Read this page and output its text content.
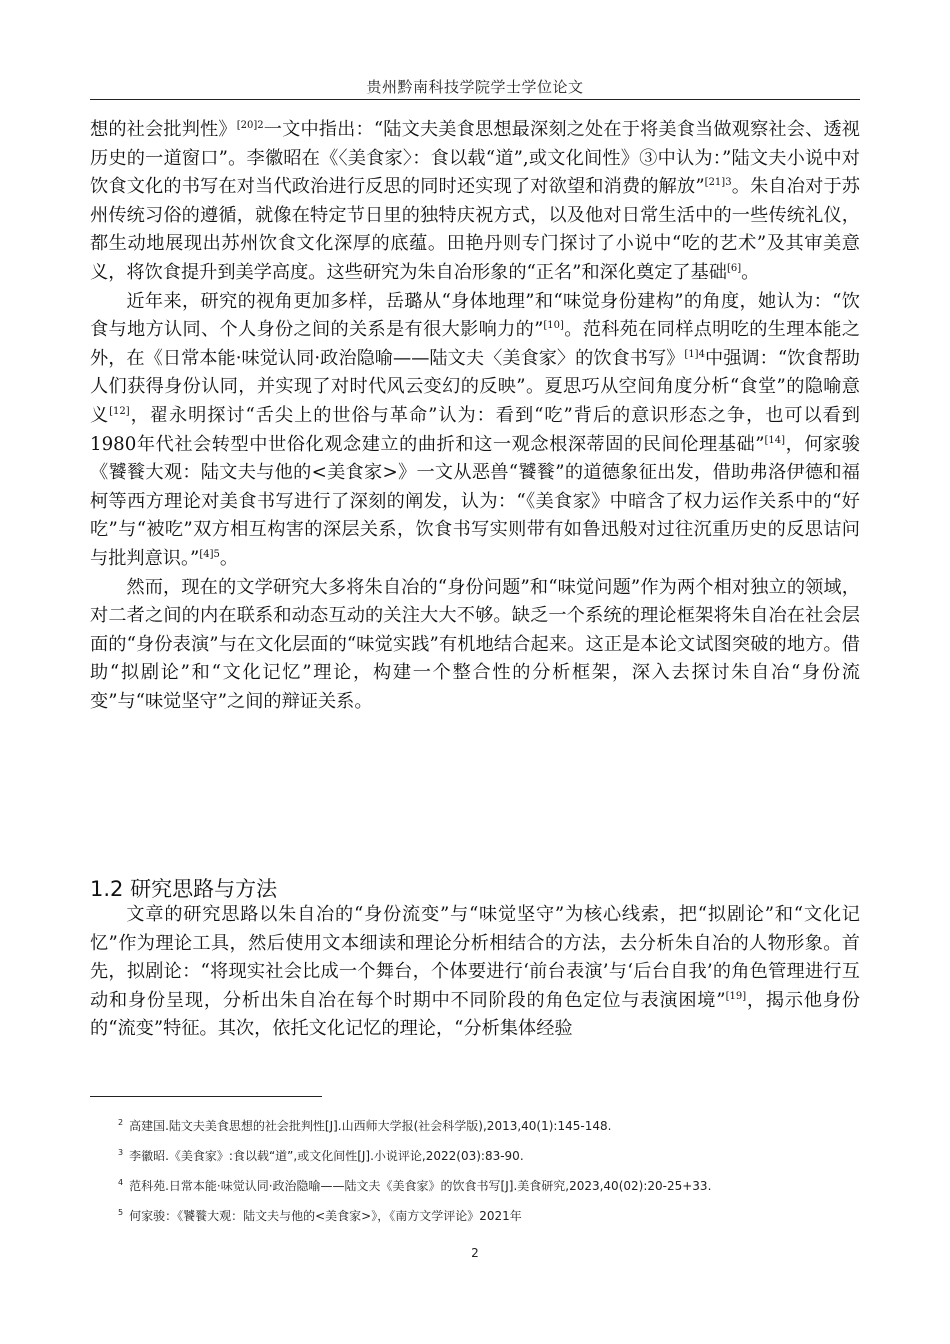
贵州黔南科技学院学士学位论文

想的社会批判性》$^{[20]2}$一文中指出：“陆文夫美食思想最深刻之处在于将美食当做观察社会、透视历史的一道窗口”。李徽昭在《〈美食家〉：食以载“道”,或文化间性》③中认为：”陆文夫小说中对饮食文化的书写在对当代政治进行反思的同时还实现了对欲望和消费的解放”$^{[21]3}$。朱自冶对于苏州传统习俗的遵循，就像在特定节日里的独特庆祝方式，以及他对日常生活中的一些传统礼仪，都生动地展现出苏州饮食文化深厚的底蕴。田艳丹则专门探讨了小说中“吃的艺术”及其审美意义，将饮食提升到美学高度。这些研究为朱自冶形象的“正名”和深化奠定了基础[6]。

近年来，研究的视角更加多样，岳璐从“身体地理”和“味觉身份建构”的角度，她认为：“饮食与地方认同、个人身份之间的关系是有很大影响力的”[10]。范科苑在同样点明吃的生理本能之外，在《日常本能·味觉认同·政治隐喻——陆文夫〈美食家〉的饮食书写》$^{[1]4}$中强调：“饮食帮助人们获得身份认同，并实现了对时代风云变幻的反映”。夏思巧从空间角度分析“食堂”的隐喻意义[12]，翟永明探讨“舌尖上的世俗与革命”认为：看到“吃”背后的意识形态之争，也可以看到1980年代社会转型中世俗化观念建立的曲折和这一观念根深蒂固的民间伦理基础”[14]，何家骏《饕餮大观：陆文夫与他的<美食家>》一文从恶兽“饕餮”的道德象征出发，借助弗洛伊德和福柯等西方理论对美食书写进行了深刻的阐发，认为：“《美食家》中暗含了权力运作关系中的“好吃”与“被吃”双方相互构害的深层关系，饮食书写实则带有如鲁迅般对过往沉重历史的反思诘问与批判意识。”$^{[4]5}$。

然而，现在的文学研究大多将朱自冶的“身份问题”和“味觉问题”作为两个相对独立的领域，对二者之间的内在联系和动态互动的关注大大不够。缺乏一个系统的理论框架将朱自冶在社会层面的“身份表演”与在文化层面的“味觉实践”有机地结合起来。这正是本论文试图突破的地方。借助“拟剧论”和“文化记忆”理论，构建一个整合性的分析框架，深入去探讨朱自冶“身份流变”与“味觉坚守”之间的辩证关系。

1.2 研究思路与方法

文章的研究思路以朱自冶的“身份流变”与“味觉坚守”为核心线索，把“拟剧论”和“文化记忆”作为理论工具，然后使用文本细读和理论分析相结合的方法，去分析朱自冶的人物形象。首先，拟剧论：“将现实社会比成一个舞台，个体要进行‘前台表演’与‘后台自我’的角色管理进行互动和身份呈现，分析出朱自冶在每个时期中不同阶段的角色定位与表演困境”[19]，揭示他身份的“流变”特征。其次，依托文化记忆的理论，“分析集体经验

$^2$ 高建国.陆文夫美食思想的社会批判性[J].山西师大学报(社会科学版),2013,40(1):145-148.
$^3$ 李徽昭.《美食家》:食以载“道”,或文化间性[J].小说评论,2022(03):83-90.
$^4$ 范科苑.日常本能·味觉认同·政治隐喻——陆文夫《美食家》的饮食书写[J].美食研究,2023,40(02):20-25+33.
$^5$ 何家骏：《饕餮大观：陆文夫与他的<美食家>》，《南方文学评论》2021年
2
